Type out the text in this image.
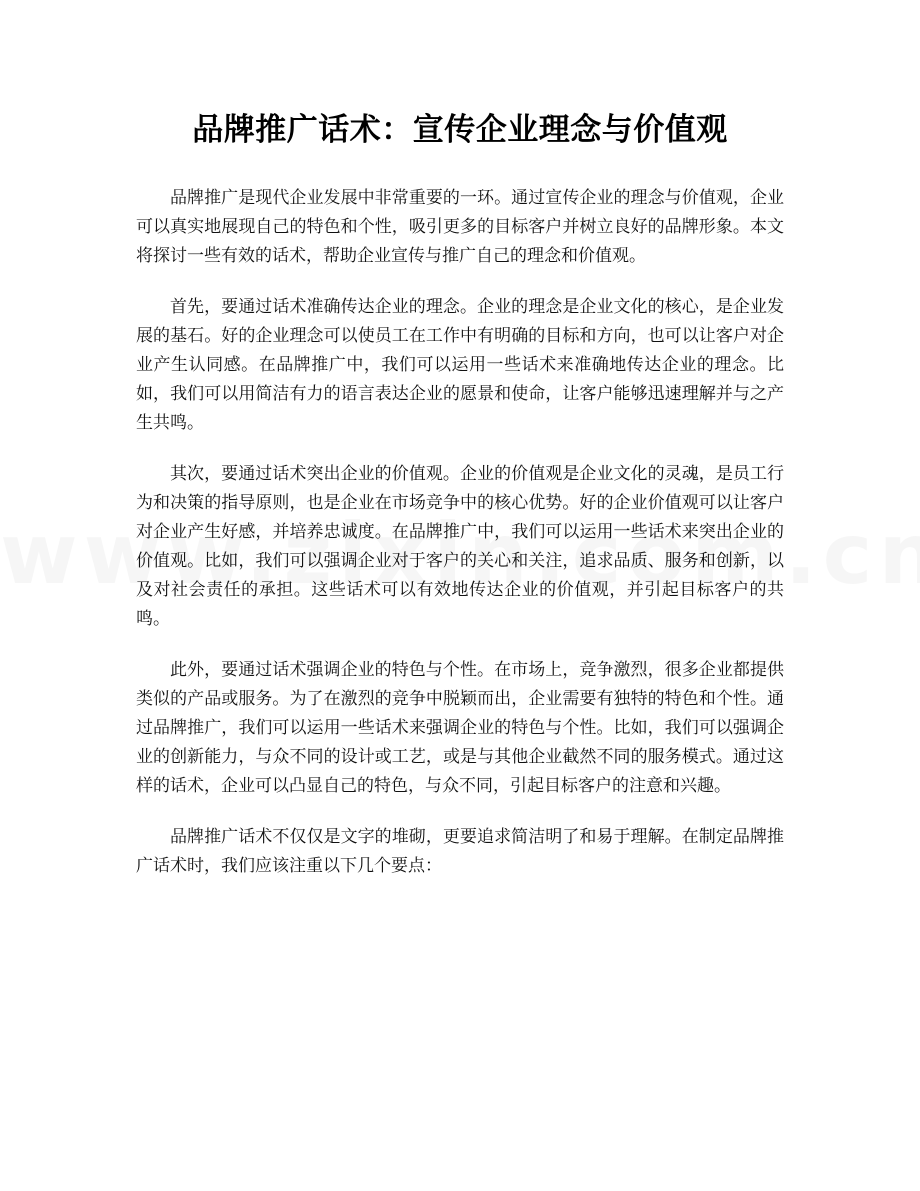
品牌推广话术：宣传企业理念与价值观

品牌推广是现代企业发展中非常重要的一环。通过宣传企业的理念与价值观，企业可以真实地展现自己的特色和个性，吸引更多的目标客户并树立良好的品牌形象。本文将探讨一些有效的话术，帮助企业宣传与推广自己的理念和价值观。

首先，要通过话术准确传达企业的理念。企业的理念是企业文化的核心，是企业发展的基石。好的企业理念可以使员工在工作中有明确的目标和方向，也可以让客户对企业产生认同感。在品牌推广中，我们可以运用一些话术来准确地传达企业的理念。比如，我们可以用简洁有力的语言表达企业的愿景和使命，让客户能够迅速理解并与之产生共鸣。

其次，要通过话术突出企业的价值观。企业的价值观是企业文化的灵魂，是员工行为和决策的指导原则，也是企业在市场竞争中的核心优势。好的企业价值观可以让客户对企业产生好感，并培养忠诚度。在品牌推广中，我们可以运用一些话术来突出企业的价值观。比如，我们可以强调企业对于客户的关心和关注，追求品质、服务和创新，以及对社会责任的承担。这些话术可以有效地传达企业的价值观，并引起目标客户的共鸣。

此外，要通过话术强调企业的特色与个性。在市场上，竞争激烈，很多企业都提供类似的产品或服务。为了在激烈的竞争中脱颖而出，企业需要有独特的特色和个性。通过品牌推广，我们可以运用一些话术来强调企业的特色与个性。比如，我们可以强调企业的创新能力，与众不同的设计或工艺，或是与其他企业截然不同的服务模式。通过这样的话术，企业可以凸显自己的特色，与众不同，引起目标客户的注意和兴趣。

品牌推广话术不仅仅是文字的堆砌，更要追求简洁明了和易于理解。在制定品牌推广话术时，我们应该注重以下几个要点：
